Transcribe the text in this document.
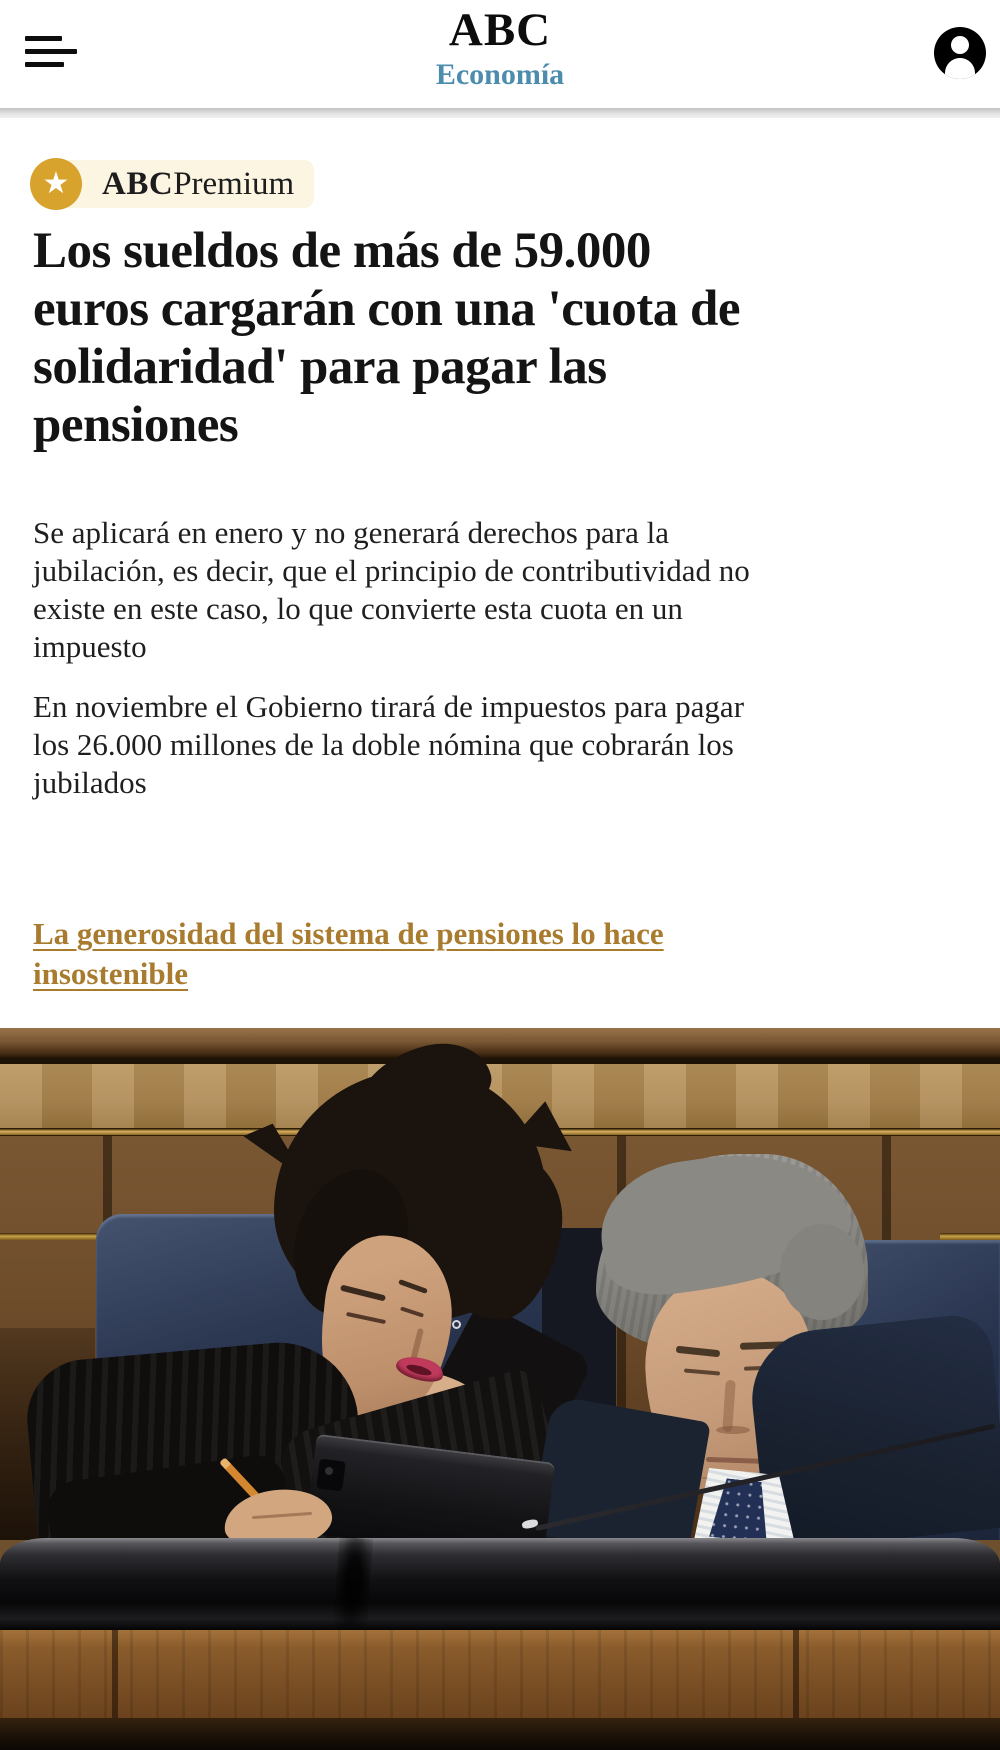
ABC
Economía
★ ABC Premium
Los sueldos de más de 59.000
euros cargarán con una 'cuota de
solidaridad' para pagar las
pensiones
Se aplicará en enero y no generará derechos para la
jubilación, es decir, que el principio de contributividad no
existe en este caso, lo que convierte esta cuota en un
impuesto
En noviembre el Gobierno tirará de impuestos para pagar
los 26.000 millones de la doble nómina que cobrarán los
jubilados
La generosidad del sistema de pensiones lo hace
insostenible
